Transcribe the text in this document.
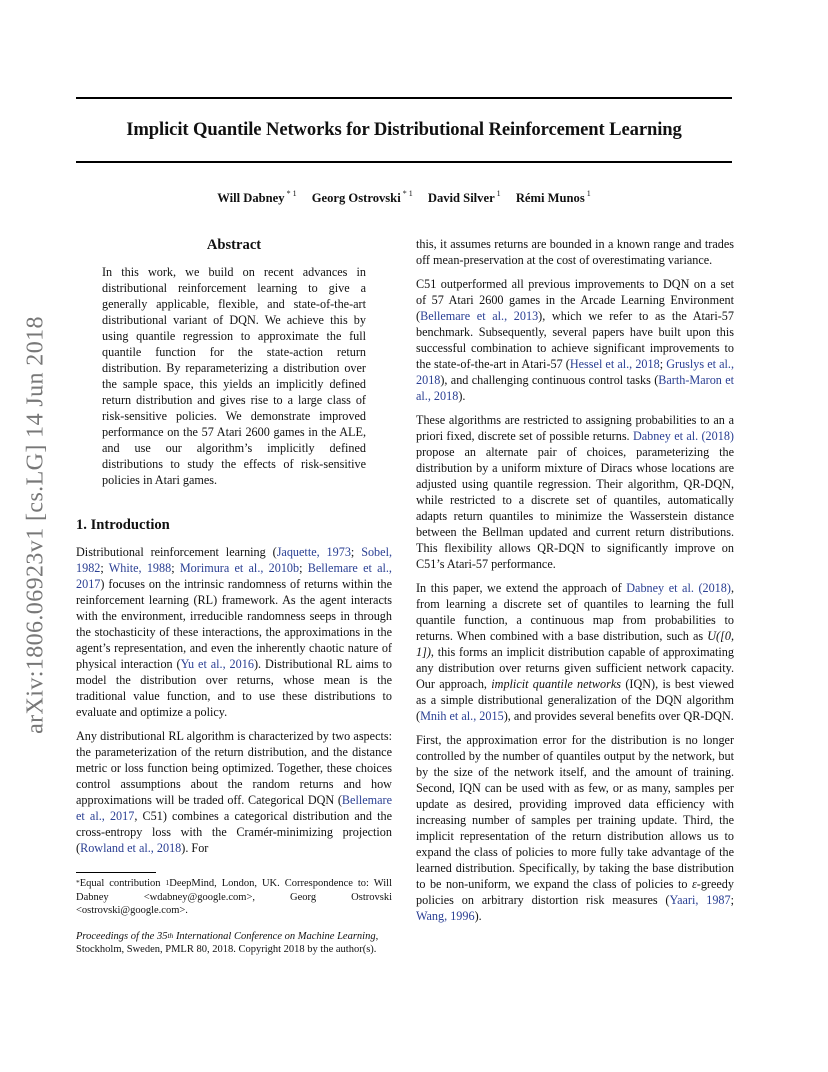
Implicit Quantile Networks for Distributional Reinforcement Learning
Will Dabney $^{* 1}$ Georg Ostrovski $^{* 1}$ David Silver $^1$ Rémi Munos $^1$
arXiv:1806.06923v1 [cs.LG] 14 Jun 2018
Abstract
In this work, we build on recent advances in distributional reinforcement learning to give a generally applicable, flexible, and state-of-the-art distributional variant of DQN. We achieve this by using quantile regression to approximate the full quantile function for the state-action return distribution. By reparameterizing a distribution over the sample space, this yields an implicitly defined return distribution and gives rise to a large class of risk-sensitive policies. We demonstrate improved performance on the 57 Atari 2600 games in the ALE, and use our algorithm’s implicitly defined distributions to study the effects of risk-sensitive policies in Atari games.
1. Introduction

Distributional reinforcement learning (Jaquette, 1973; Sobel, 1982; White, 1988; Morimura et al., 2010b; Bellemare et al., 2017) focuses on the intrinsic randomness of returns within the reinforcement learning (RL) framework. As the agent interacts with the environment, irreducible randomness seeps in through the stochasticity of these interactions, the approximations in the agent’s representation, and even the inherently chaotic nature of physical interaction (Yu et al., 2016). Distributional RL aims to model the distribution over returns, whose mean is the traditional value function, and to use these distributions to evaluate and optimize a policy.

Any distributional RL algorithm is characterized by two aspects: the parameterization of the return distribution, and the distance metric or loss function being optimized. Together, these choices control assumptions about the random returns and how approximations will be traded off. Categorical DQN (Bellemare et al., 2017, C51) combines a categorical distribution and the cross-entropy loss with the Cramér-minimizing projection (Rowland et al., 2018). For

*Equal contribution $^1$DeepMind, London, UK. Correspondence to: Will Dabney <wdabney@google.com>, Georg Ostrovski <ostrovski@google.com>.

Proceedings of the 35th International Conference on Machine Learning, Stockholm, Sweden, PMLR 80, 2018. Copyright 2018 by the author(s).

this, it assumes returns are bounded in a known range and trades off mean-preservation at the cost of overestimating variance.

C51 outperformed all previous improvements to DQN on a set of 57 Atari 2600 games in the Arcade Learning Environment (Bellemare et al., 2013), which we refer to as the Atari-57 benchmark. Subsequently, several papers have built upon this successful combination to achieve significant improvements to the state-of-the-art in Atari-57 (Hessel et al., 2018; Gruslys et al., 2018), and challenging continuous control tasks (Barth-Maron et al., 2018).

These algorithms are restricted to assigning probabilities to an a priori fixed, discrete set of possible returns. Dabney et al. (2018) propose an alternate pair of choices, parameterizing the distribution by a uniform mixture of Diracs whose locations are adjusted using quantile regression. Their algorithm, QR-DQN, while restricted to a discrete set of quantiles, automatically adapts return quantiles to minimize the Wasserstein distance between the Bellman updated and current return distributions. This flexibility allows QR-DQN to significantly improve on C51’s Atari-57 performance.

In this paper, we extend the approach of Dabney et al. (2018), from learning a discrete set of quantiles to learning the full quantile function, a continuous map from probabilities to returns. When combined with a base distribution, such as U([0, 1]), this forms an implicit distribution capable of approximating any distribution over returns given sufficient network capacity. Our approach, implicit quantile networks (IQN), is best viewed as a simple distributional generalization of the DQN algorithm (Mnih et al., 2015), and provides several benefits over QR-DQN.

First, the approximation error for the distribution is no longer controlled by the number of quantiles output by the network, but by the size of the network itself, and the amount of training. Second, IQN can be used with as few, or as many, samples per update as desired, providing improved data efficiency with increasing number of samples per training update. Third, the implicit representation of the return distribution allows us to expand the class of policies to more fully take advantage of the learned distribution. Specifically, by taking the base distribution to be non-uniform, we expand the class of policies to ε-greedy policies on arbitrary distortion risk measures (Yaari, 1987; Wang, 1996).
